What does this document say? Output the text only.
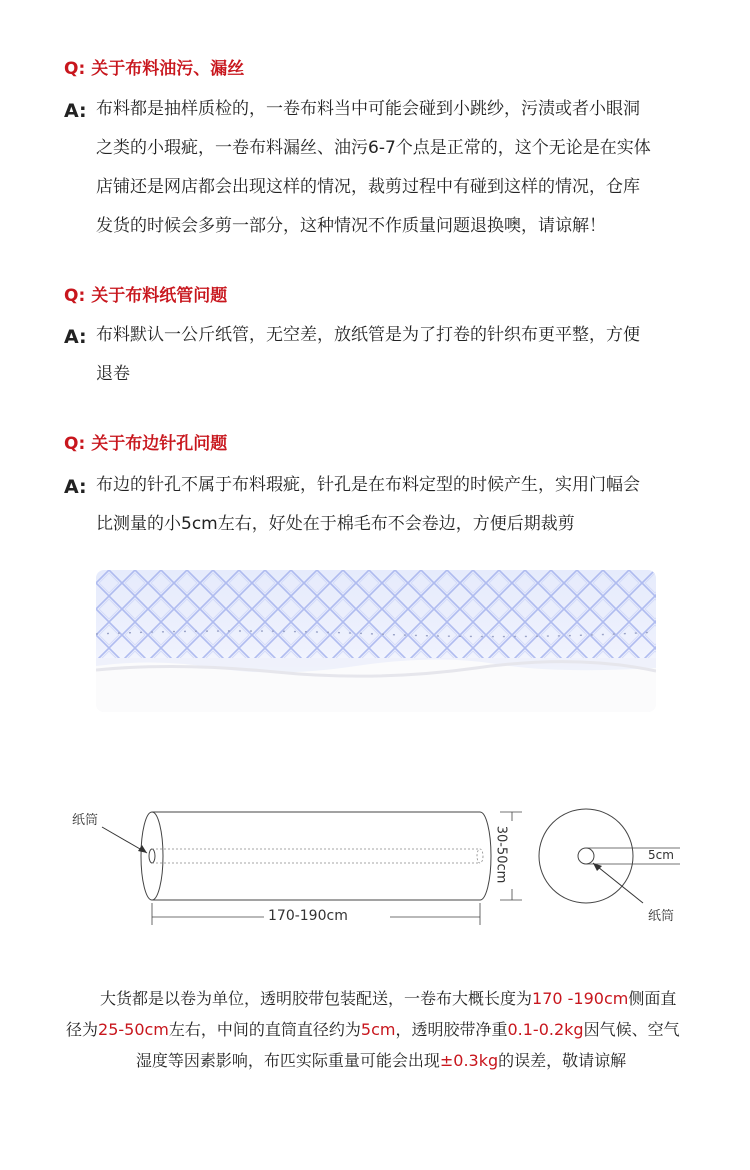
Q: 关于布料油污、漏丝
A: 布料都是抽样质检的，一卷布料当中可能会碰到小跳纱，污渍或者小眼洞
之类的小瑕疵，一卷布料漏丝、油污6-7个点是正常的，这个无论是在实体
店铺还是网店都会出现这样的情况，裁剪过程中有碰到这样的情况，仓库
发货的时候会多剪一部分，这种情况不作质量问题退换噢，请谅解！
Q: 关于布料纸管问题
A: 布料默认一公斤纸管，无空差，放纸管是为了打卷的针织布更平整，方便
退卷
Q: 关于布边针孔问题
A: 布边的针孔不属于布料瑕疵，针孔是在布料定型的时候产生，实用门幅会
比测量的小5cm左右，好处在于棉毛布不会卷边，方便后期裁剪
纸筒
170-190cm
30-50cm	5cm
纸筒
大货都是以卷为单位，透明胶带包装配送，一卷布大概长度为170 -190cm侧面直
径为25-50cm左右，中间的直筒直径约为5cm，透明胶带净重0.1-0.2kg因气候、空气
湿度等因素影响，布匹实际重量可能会出现±0.3kg的误差，敬请谅解
